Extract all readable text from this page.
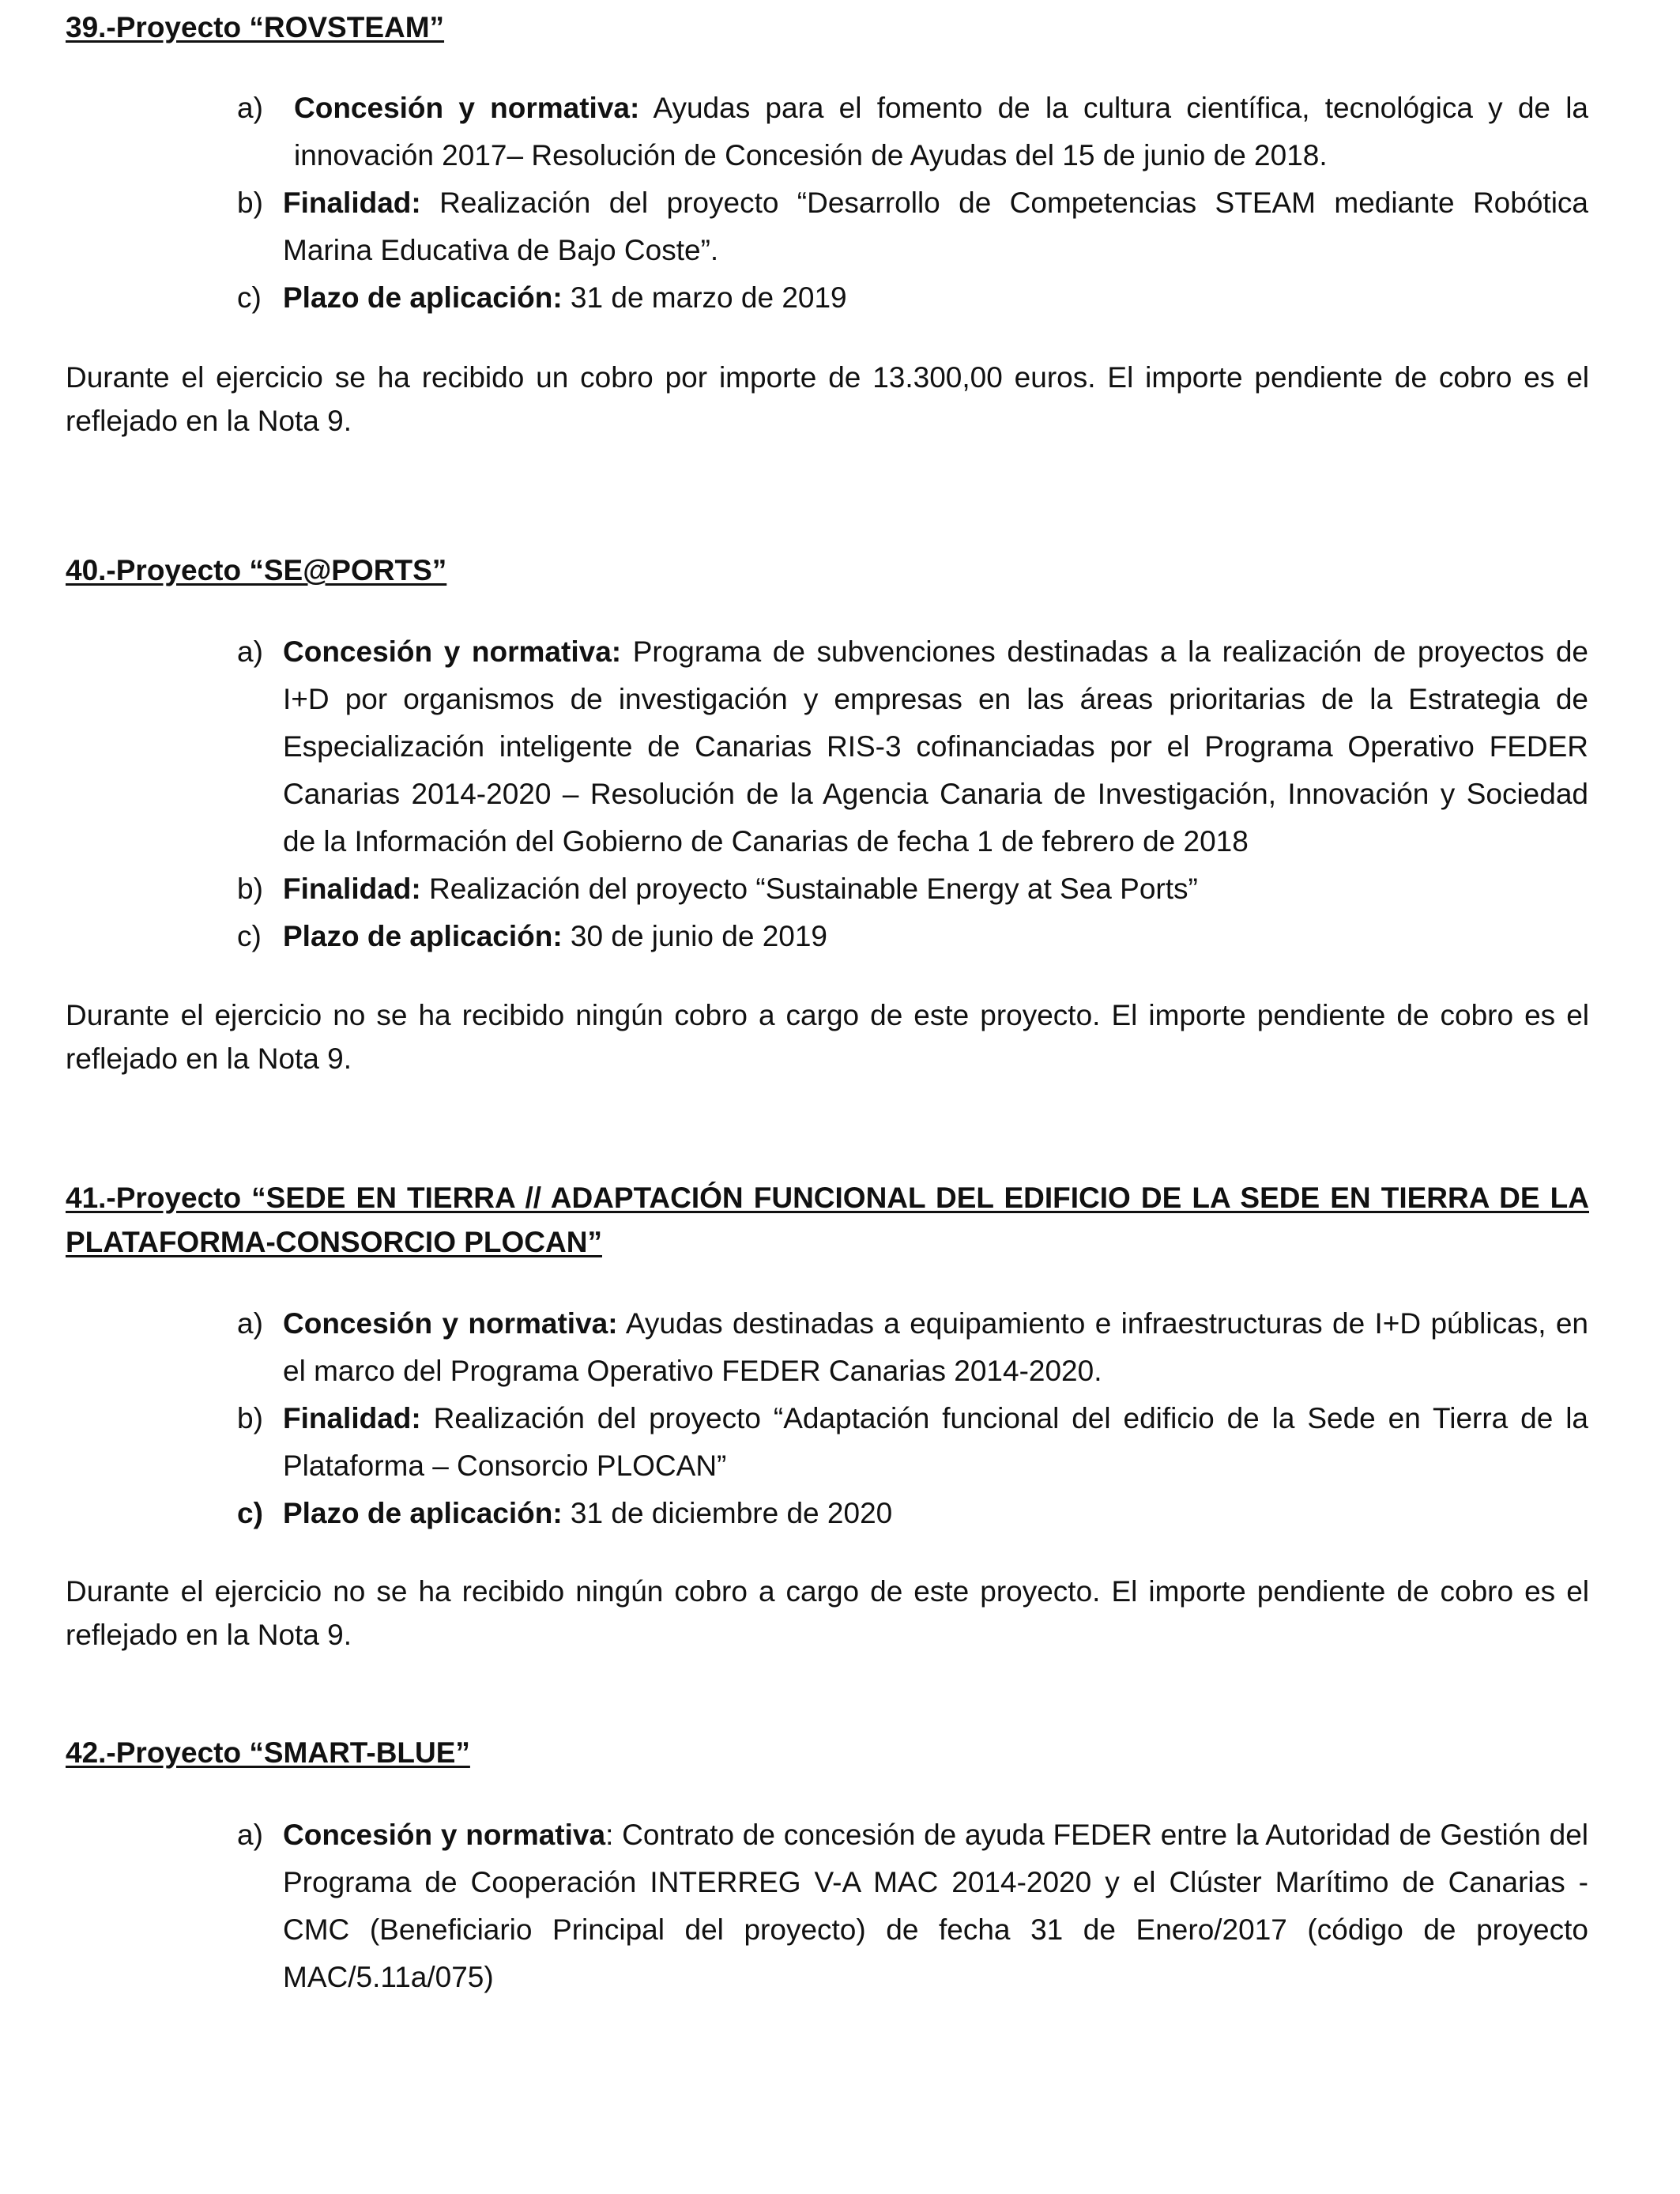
39.-Proyecto “ROVSTEAM”
a) Concesión y normativa: Ayudas para el fomento de la cultura científica, tecnológica y de la innovación 2017– Resolución de Concesión de Ayudas del 15 de junio de 2018.
b) Finalidad: Realización del proyecto “Desarrollo de Competencias STEAM mediante Robótica Marina Educativa de Bajo Coste”.
c) Plazo de aplicación: 31 de marzo de 2019

Durante el ejercicio se ha recibido un cobro por importe de 13.300,00 euros. El importe pendiente de cobro es el reflejado en la Nota 9.

40.-Proyecto “SE@PORTS”
a) Concesión y normativa: Programa de subvenciones destinadas a la realización de proyectos de I+D por organismos de investigación y empresas en las áreas prioritarias de la Estrategia de Especialización inteligente de Canarias RIS-3 cofinanciadas por el Programa Operativo FEDER Canarias 2014-2020 – Resolución de la Agencia Canaria de Investigación, Innovación y Sociedad de la Información del Gobierno de Canarias de fecha 1 de febrero de 2018
b) Finalidad: Realización del proyecto “Sustainable Energy at Sea Ports”
c) Plazo de aplicación: 30 de junio de 2019

Durante el ejercicio no se ha recibido ningún cobro a cargo de este proyecto. El importe pendiente de cobro es el reflejado en la Nota 9.

41.-Proyecto “SEDE EN TIERRA // ADAPTACIÓN FUNCIONAL DEL EDIFICIO DE LA SEDE EN TIERRA DE LA PLATAFORMA-CONSORCIO PLOCAN”
a) Concesión y normativa: Ayudas destinadas a equipamiento e infraestructuras de I+D públicas, en el marco del Programa Operativo FEDER Canarias 2014-2020.
b) Finalidad: Realización del proyecto “Adaptación funcional del edificio de la Sede en Tierra de la Plataforma – Consorcio PLOCAN”
c) Plazo de aplicación: 31 de diciembre de 2020

Durante el ejercicio no se ha recibido ningún cobro a cargo de este proyecto. El importe pendiente de cobro es el reflejado en la Nota 9.

42.-Proyecto “SMART-BLUE”
a) Concesión y normativa: Contrato de concesión de ayuda FEDER entre la Autoridad de Gestión del Programa de Cooperación INTERREG V-A MAC 2014-2020 y el Clúster Marítimo de Canarias - CMC (Beneficiario Principal del proyecto) de fecha 31 de Enero/2017 (código de proyecto MAC/5.11a/075)
